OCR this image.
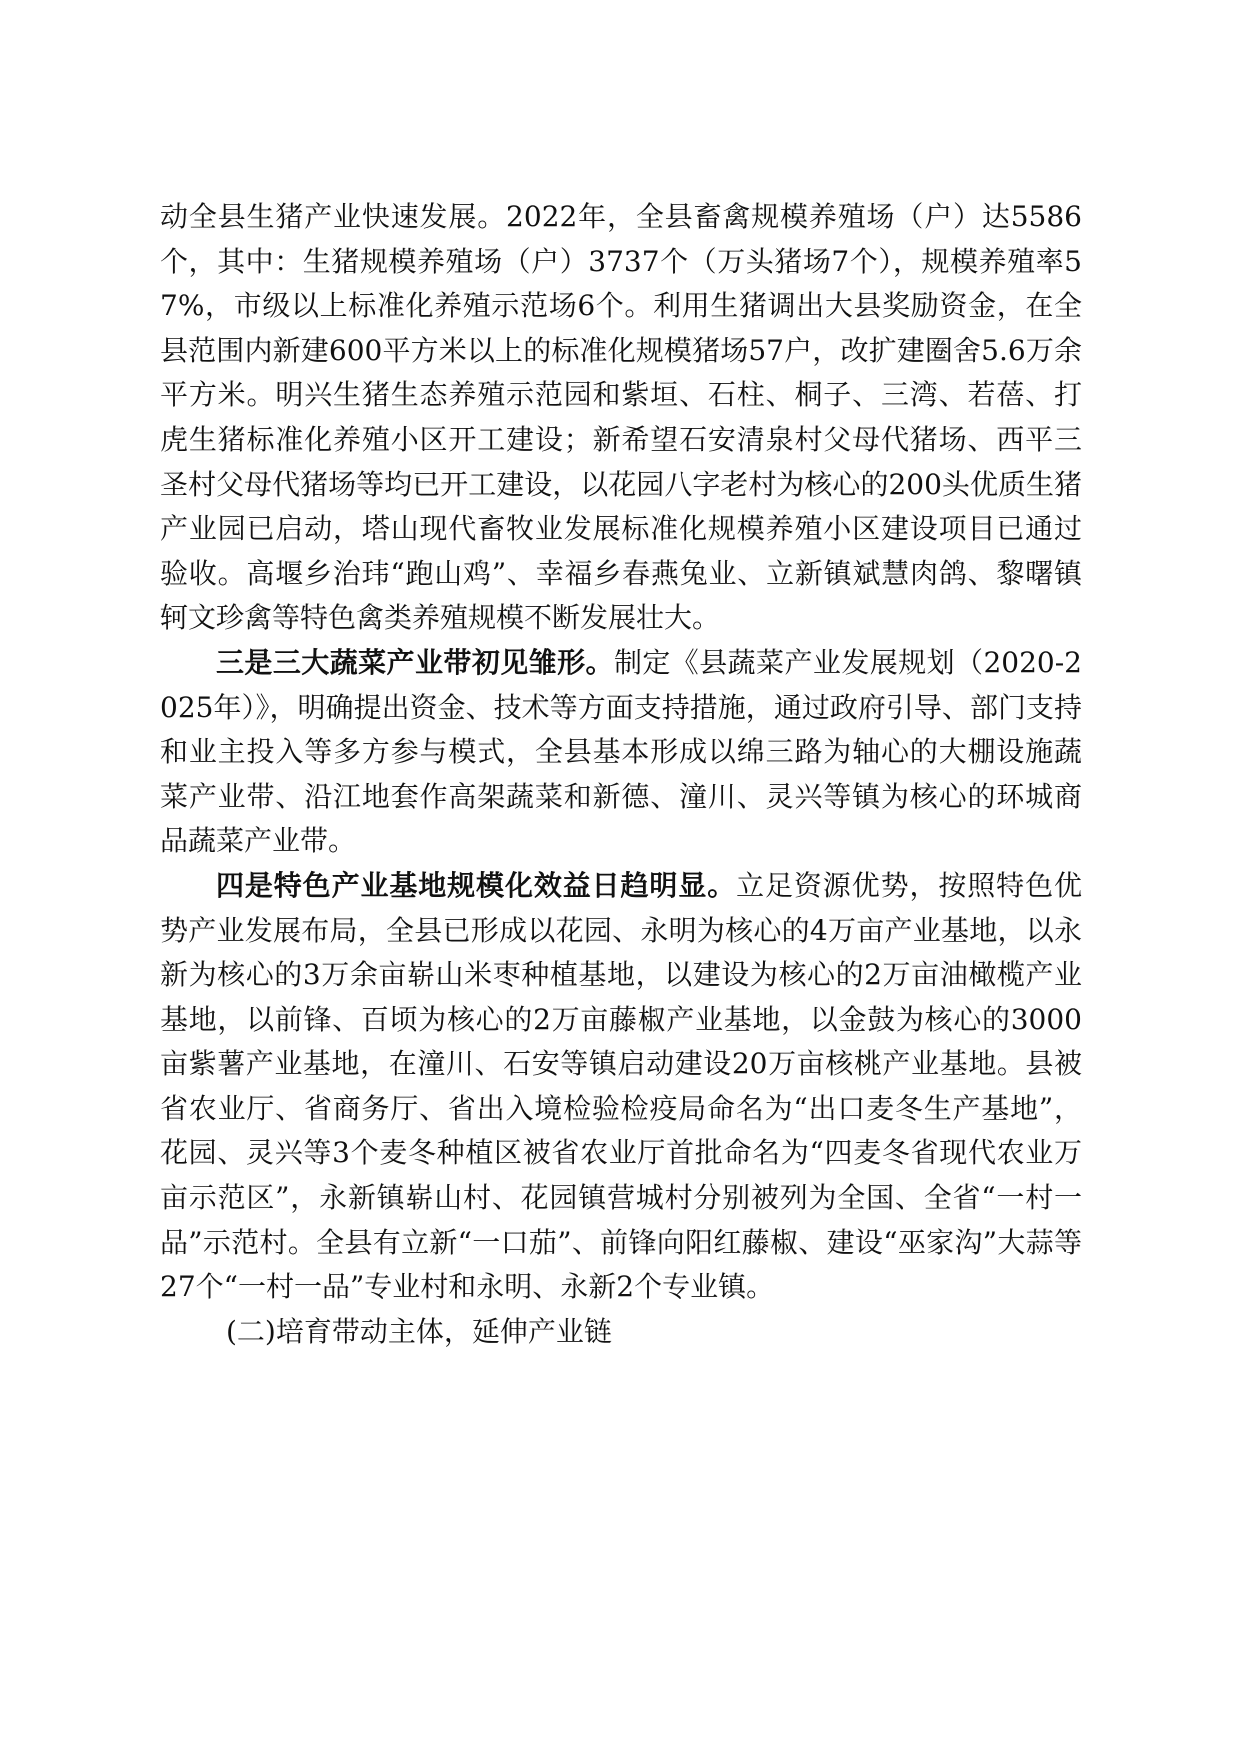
动全县生猪产业快速发展。2022年，全县畜禽规模养殖场（户）达5586个，其中：生猪规模养殖场（户）3737个（万头猪场7个），规模养殖率57%，市级以上标准化养殖示范场6个。利用生猪调出大县奖励资金，在全县范围内新建600平方米以上的标准化规模猪场57户，改扩建圈舍5.6万余平方米。明兴生猪生态养殖示范园和紫垣、石柱、桐子、三湾、若蓓、打虎生猪标准化养殖小区开工建设；新希望石安清泉村父母代猪场、西平三圣村父母代猪场等均已开工建设，以花园八字老村为核心的200头优质生猪产业园已启动，塔山现代畜牧业发展标准化规模养殖小区建设项目已通过验收。高堰乡治玮“跑山鸡”、幸福乡春燕兔业、立新镇斌慧肉鸽、黎曙镇轲文珍禽等特色禽类养殖规模不断发展壮大。

三是三大蔬菜产业带初见雏形。制定《县蔬菜产业发展规划（2020-2025年）》，明确提出资金、技术等方面支持措施，通过政府引导、部门支持和业主投入等多方参与模式，全县基本形成以绵三路为轴心的大棚设施蔬菜产业带、沿江地套作高架蔬菜和新德、潼川、灵兴等镇为核心的环城商品蔬菜产业带。

四是特色产业基地规模化效益日趋明显。立足资源优势，按照特色优势产业发展布局，全县已形成以花园、永明为核心的4万亩产业基地，以永新为核心的3万余亩崭山米枣种植基地，以建设为核心的2万亩油橄榄产业基地，以前锋、百顷为核心的2万亩藤椒产业基地，以金鼓为核心的3000亩紫薯产业基地，在潼川、石安等镇启动建设20万亩核桃产业基地。县被省农业厅、省商务厅、省出入境检验检疫局命名为“出口麦冬生产基地”，花园、灵兴等3个麦冬种植区被省农业厅首批命名为“四麦冬省现代农业万亩示范区”，永新镇崭山村、花园镇营城村分别被列为全国、全省“一村一品”示范村。全县有立新“一口茄”、前锋向阳红藤椒、建设“巫家沟”大蒜等27个“一村一品”专业村和永明、永新2个专业镇。

(二)培育带动主体，延伸产业链
